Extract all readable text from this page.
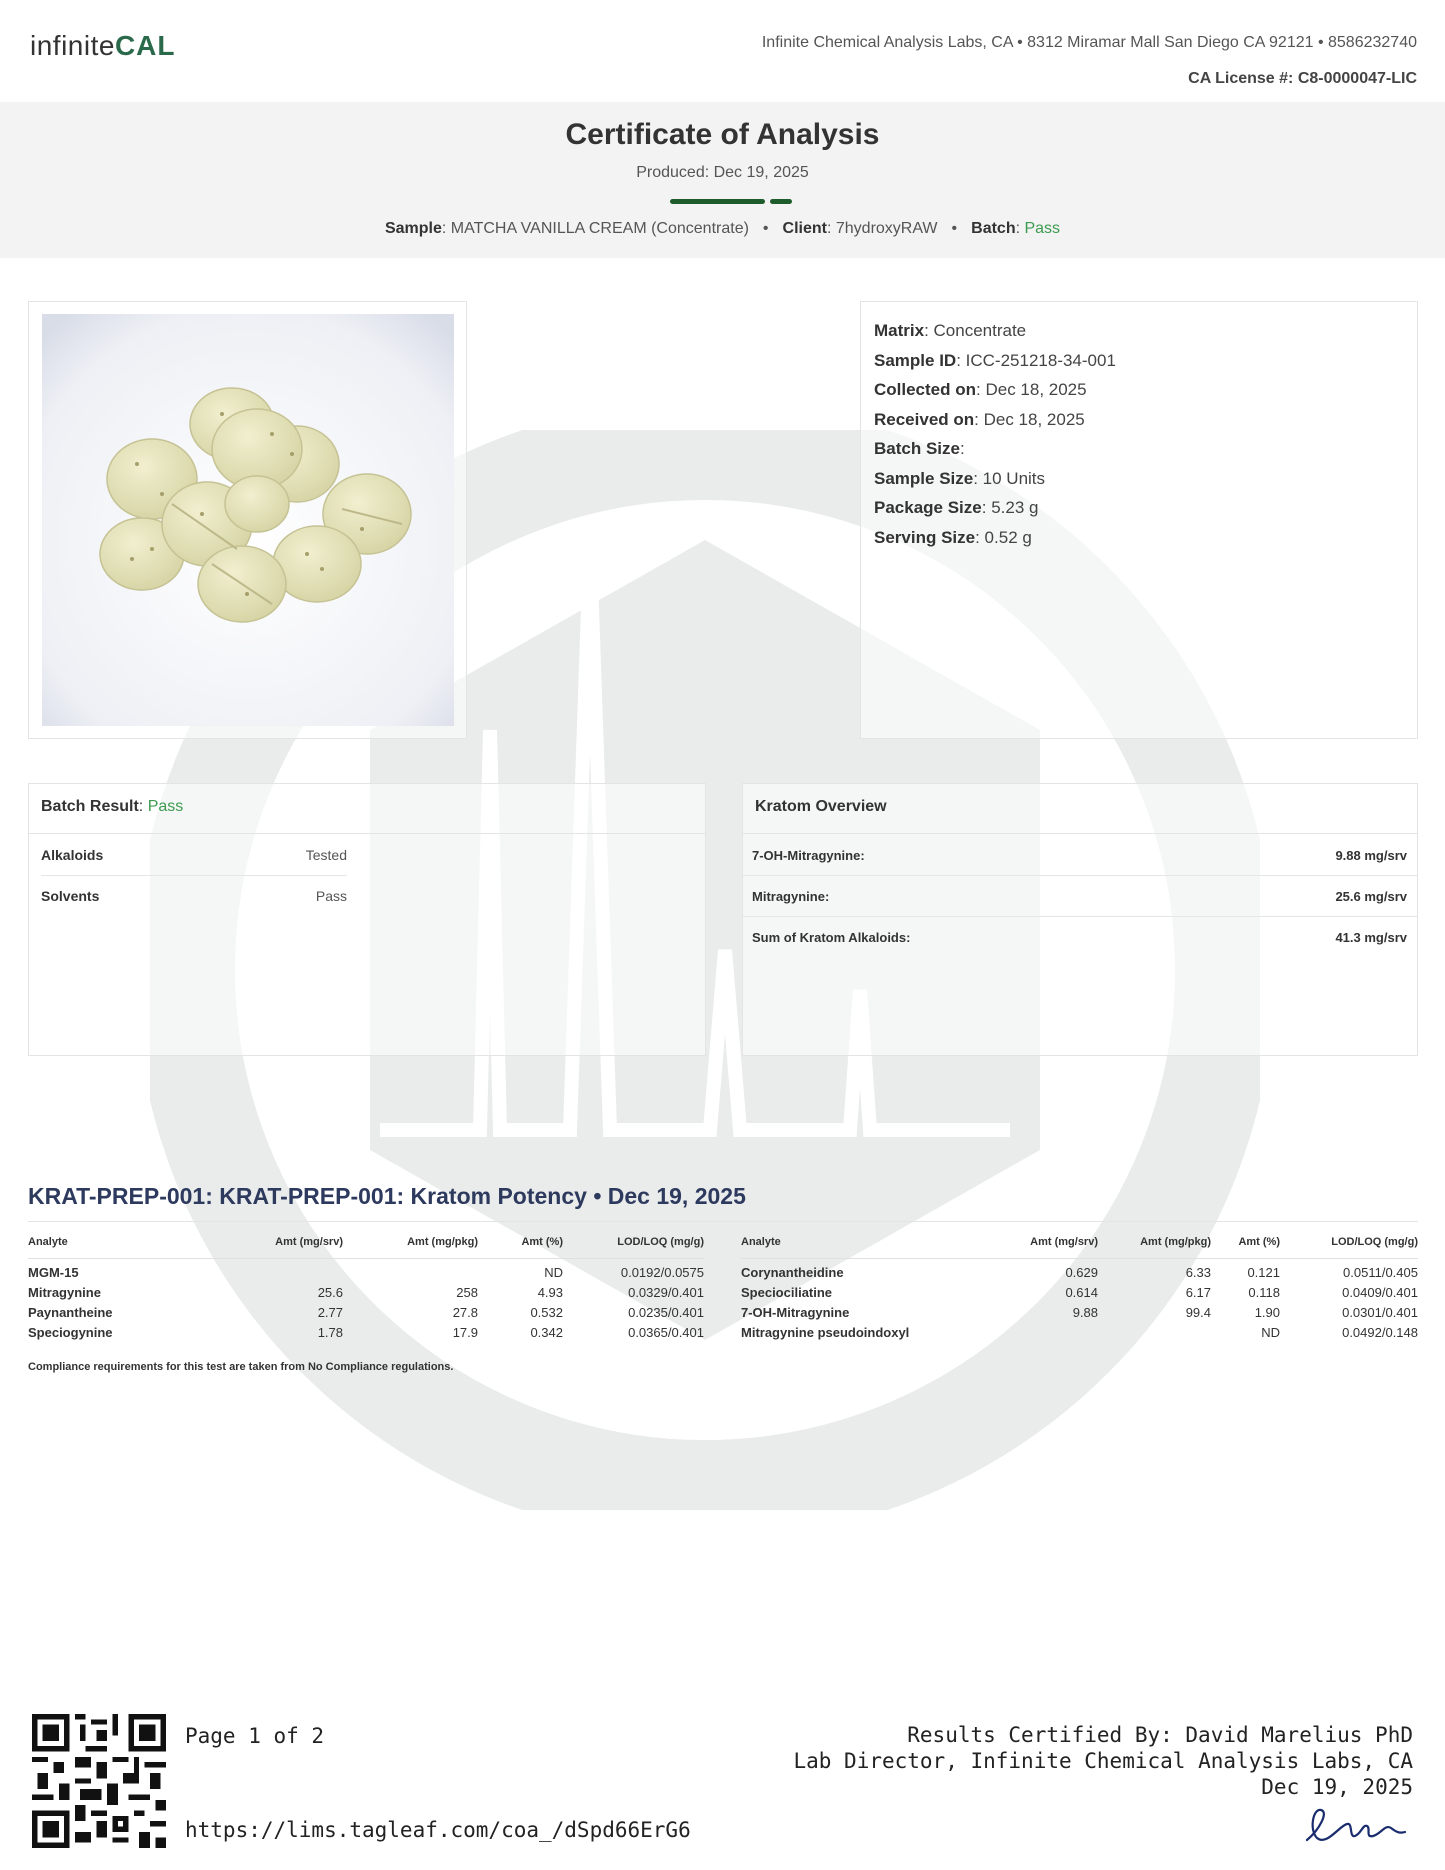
infiniteCAL	Infinite Chemical Analysis Labs, CA • 8312 Miramar Mall San Diego CA 92121 • 8586232740
CA License #: C8-0000047-LIC
Certificate of Analysis
Produced: Dec 19, 2025
Sample: MATCHA VANILLA CREAM (Concentrate) • Client: 7hydroxyRAW • Batch: Pass
Matrix: Concentrate
Sample ID: ICC-251218-34-001
Collected on: Dec 18, 2025
Received on: Dec 18, 2025
Batch Size:
Sample Size: 10 Units
Package Size: 5.23 g
Serving Size: 0.52 g
Batch Result: Pass
Alkaloids	Tested
Solvents	Pass
Kratom Overview
7-OH-Mitragynine:	9.88 mg/srv
Mitragynine:	25.6 mg/srv
Sum of Kratom Alkaloids:	41.3 mg/srv
KRAT-PREP-001: KRAT-PREP-001: Kratom Potency • Dec 19, 2025
Analyte	Amt (mg/srv)	Amt (mg/pkg)	Amt (%)	LOD/LOQ (mg/g)
MGM-15			ND	0.0192/0.0575
Mitragynine	25.6	258	4.93	0.0329/0.401
Paynantheine	2.77	27.8	0.532	0.0235/0.401
Speciogynine	1.78	17.9	0.342	0.0365/0.401
Analyte	Amt (mg/srv)	Amt (mg/pkg)	Amt (%)	LOD/LOQ (mg/g)
Corynantheidine	0.629	6.33	0.121	0.0511/0.405
Speciociliatine	0.614	6.17	0.118	0.0409/0.401
7-OH-Mitragynine	9.88	99.4	1.90	0.0301/0.401
Mitragynine pseudoindoxyl			ND	0.0492/0.148
Compliance requirements for this test are taken from No Compliance regulations.
Page 1 of 2
https://lims.tagleaf.com/coa_/dSpd66ErG6
Results Certified By: David Marelius PhD
Lab Director, Infinite Chemical Analysis Labs, CA
Dec 19, 2025
